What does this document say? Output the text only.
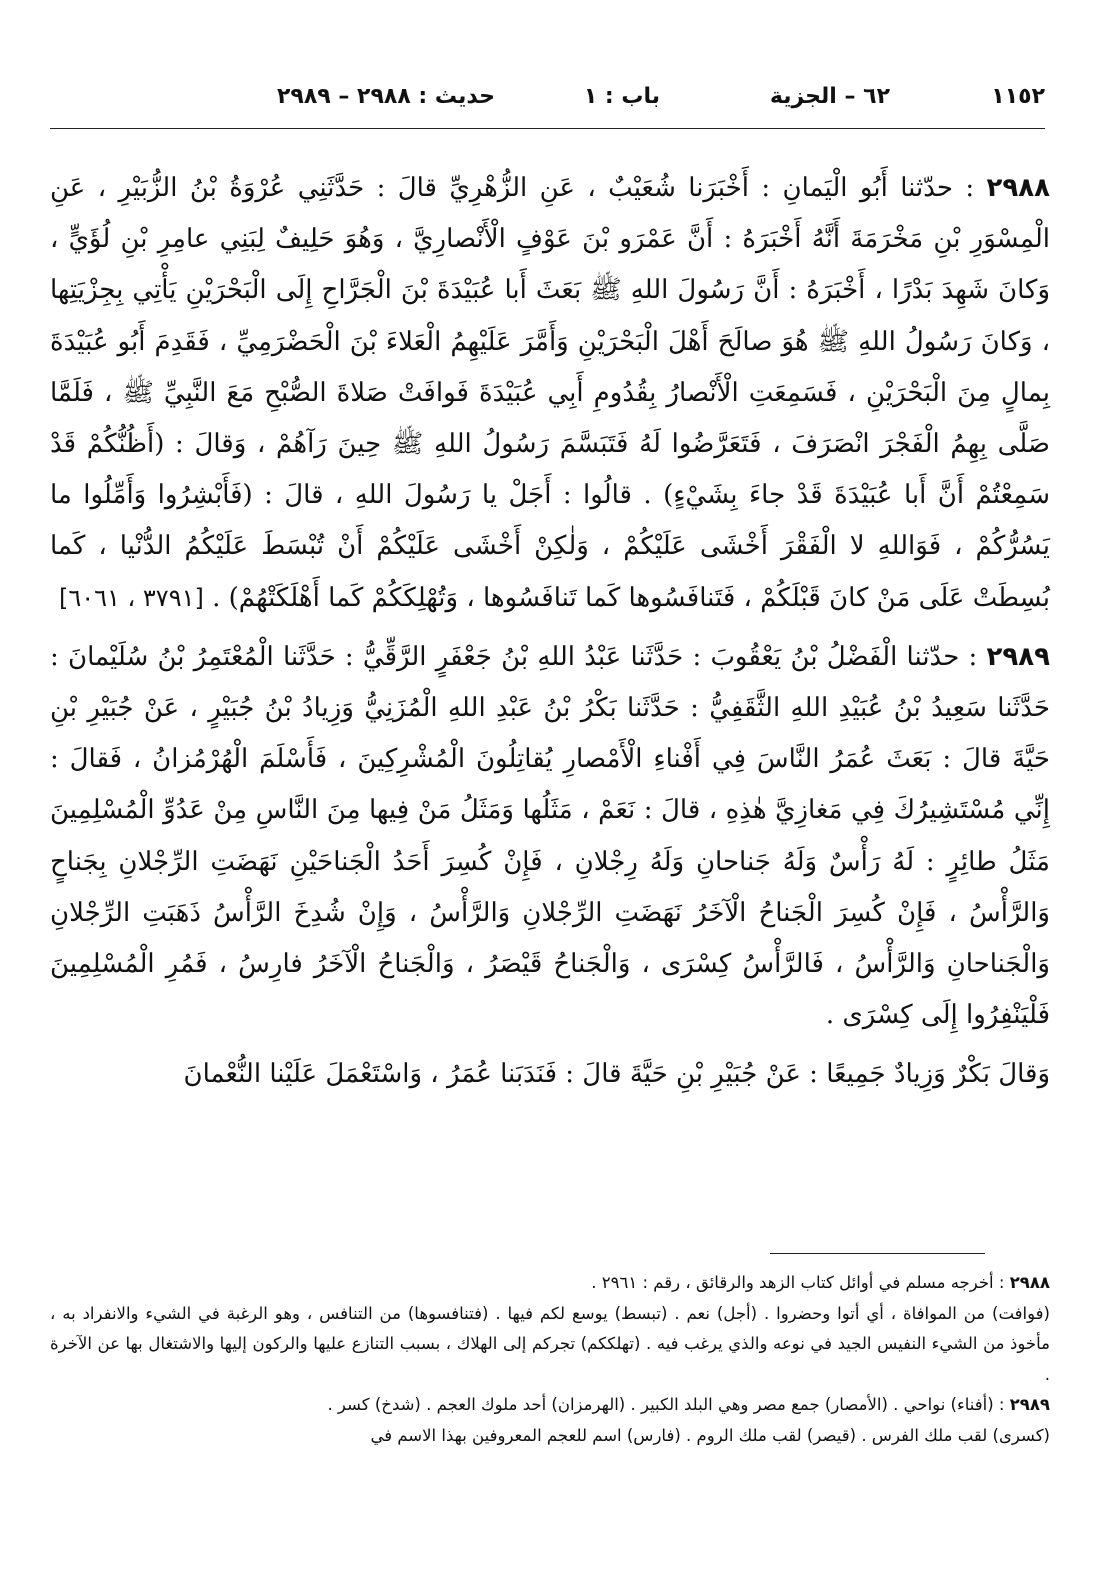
١١٥٢
٦٢ – الجزية
باب : ١
حديث : ٢٩٨٨ – ٢٩٨٩

٢٩٨٨ : حدّثنا أَبُو الْيَمانِ : أَخْبَرَنا شُعَيْبٌ ، عَنِ الزُّهْرِيِّ قالَ : حَدَّثَنِي عُرْوَةُ بْنُ الزُّبَيْرِ ، عَنِ الْمِسْوَرِ بْنِ مَخْرَمَةَ أَنَّهُ أَخْبَرَهُ : أَنَّ عَمْرَو بْنَ عَوْفٍ الْأَنْصارِيَّ ، وَهُوَ حَلِيفٌ لِبَنِي عامِرِ بْنِ لُؤَيٍّ ، وَكانَ شَهِدَ بَدْرًا ، أَخْبَرَهُ : أَنَّ رَسُولَ اللهِ ﷺ بَعَثَ أَبا عُبَيْدَةَ بْنَ الْجَرَّاحِ إِلَى الْبَحْرَيْنِ يَأْتِي بِجِزْيَتِها ، وَكانَ رَسُولُ اللهِ ﷺ هُوَ صالَحَ أَهْلَ الْبَحْرَيْنِ وَأَمَّرَ عَلَيْهِمُ الْعَلاءَ بْنَ الْحَضْرَمِيِّ ، فَقَدِمَ أَبُو عُبَيْدَةَ بِمالٍ مِنَ الْبَحْرَيْنِ ، فَسَمِعَتِ الْأَنْصارُ بِقُدُومِ أَبِي عُبَيْدَةَ فَوافَتْ صَلاةَ الصُّبْحِ مَعَ النَّبِيِّ ﷺ ، فَلَمَّا صَلَّى بِهِمُ الْفَجْرَ انْصَرَفَ ، فَتَعَرَّضُوا لَهُ فَتَبَسَّمَ رَسُولُ اللهِ ﷺ حِينَ رَآهُمْ ، وَقالَ : (أَظُنُّكُمْ قَدْ سَمِعْتُمْ أَنَّ أَبا عُبَيْدَةَ قَدْ جاءَ بِشَيْءٍ) . قالُوا : أَجَلْ يا رَسُولَ اللهِ ، قالَ : (فَأَبْشِرُوا وَأَمِّلُوا ما يَسُرُّكُمْ ، فَوَاللهِ لا الْفَقْرَ أَخْشَى عَلَيْكُمْ ، وَلٰكِنْ أَخْشَى عَلَيْكُمْ أَنْ تُبْسَطَ عَلَيْكُمُ الدُّنْيا ، كَما بُسِطَتْ عَلَى مَنْ كانَ قَبْلَكُمْ ، فَتَنافَسُوها كَما تَنافَسُوها ، وَتُهْلِكَكُمْ كَما أَهْلَكَتْهُمْ) . [٣٧٩١ ، ٦٠٦١]

٢٩٨٩ : حدّثنا الْفَضْلُ بْنُ يَعْقُوبَ : حَدَّثَنا عَبْدُ اللهِ بْنُ جَعْفَرٍ الرَّقِّيُّ : حَدَّثَنا الْمُعْتَمِرُ بْنُ سُلَيْمانَ : حَدَّثَنا سَعِيدُ بْنُ عُبَيْدِ اللهِ الثَّقَفِيُّ : حَدَّثَنا بَكْرُ بْنُ عَبْدِ اللهِ الْمُزَنِيُّ وَزِيادُ بْنُ جُبَيْرٍ ، عَنْ جُبَيْرِ بْنِ حَيَّةَ قالَ : بَعَثَ عُمَرُ النَّاسَ فِي أَفْناءِ الْأَمْصارِ يُقاتِلُونَ الْمُشْرِكِينَ ، فَأَسْلَمَ الْهُرْمُزانُ ، فَقالَ : إِنِّي مُسْتَشِيرُكَ فِي مَغازِيَّ هٰذِهِ ، قالَ : نَعَمْ ، مَثَلُها وَمَثَلُ مَنْ فِيها مِنَ النَّاسِ مِنْ عَدُوِّ الْمُسْلِمِينَ مَثَلُ طائِرٍ : لَهُ رَأْسٌ وَلَهُ جَناحانِ وَلَهُ رِجْلانِ ، فَإِنْ كُسِرَ أَحَدُ الْجَناحَيْنِ نَهَضَتِ الرِّجْلانِ بِجَناحٍ وَالرَّأْسُ ، فَإِنْ كُسِرَ الْجَناحُ الْآخَرُ نَهَضَتِ الرِّجْلانِ وَالرَّأْسُ ، وَإِنْ شُدِخَ الرَّأْسُ ذَهَبَتِ الرِّجْلانِ وَالْجَناحانِ وَالرَّأْسُ ، فَالرَّأْسُ كِسْرَى ، وَالْجَناحُ قَيْصَرُ ، وَالْجَناحُ الْآخَرُ فارِسُ ، فَمُرِ الْمُسْلِمِينَ فَلْيَنْفِرُوا إِلَى كِسْرَى .

وَقالَ بَكْرٌ وَزِيادٌ جَمِيعًا : عَنْ جُبَيْرِ بْنِ حَيَّةَ قالَ : فَنَدَبَنا عُمَرُ ، وَاسْتَعْمَلَ عَلَيْنا النُّعْمانَ

٢٩٨٨ : أخرجه مسلم في أوائل كتاب الزهد والرقائق ، رقم : ٢٩٦١ .

(فوافت) من الموافاة ، أي أتوا وحضروا . (أجل) نعم . (تبسط) يوسع لكم فيها . (فتنافسوها) من التنافس ، وهو الرغبة في الشيء والانفراد به ، مأخوذ من الشيء النفيس الجيد في نوعه والذي يرغب فيه . (تهلككم) تجركم إلى الهلاك ، بسبب التنازع عليها والركون إليها والاشتغال بها عن الآخرة .

٢٩٨٩ : (أفناء) نواحي . (الأمصار) جمع مصر وهي البلد الكبير . (الهرمزان) أحد ملوك العجم . (شدخ) كسر .

(كسرى) لقب ملك الفرس . (قيصر) لقب ملك الروم . (فارس) اسم للعجم المعروفين بهذا الاسم في
